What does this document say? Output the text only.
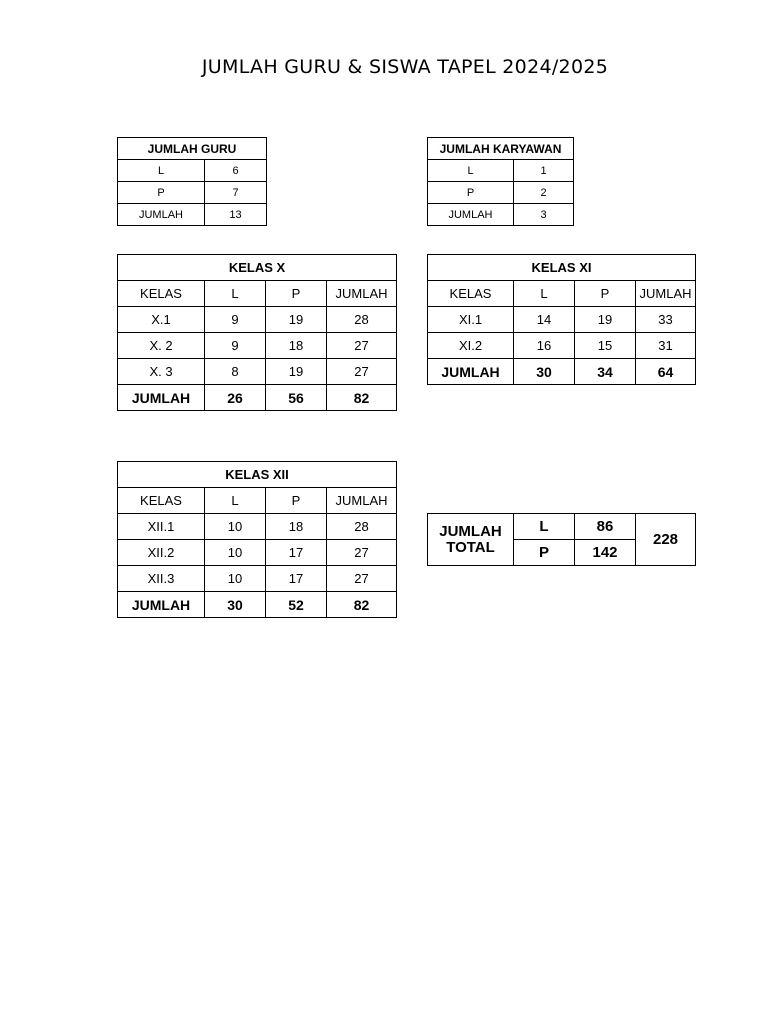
JUMLAH GURU & SISWA TAPEL 2024/2025
JUMLAH GURU	
L	6
P	7
JUMLAH	13
JUMLAH KARYAWAN	
L	1
P	2
JUMLAH	3
KELAS X			
KELAS	L	P	JUMLAH
X.1	9	19	28
X. 2	9	18	27
X. 3	8	19	27
JUMLAH	26	56	82
KELAS XI			
KELAS	L	P	JUMLAH
XI.1	14	19	33
XI.2	16	15	31
JUMLAH	30	34	64
KELAS XII			
KELAS	L	P	JUMLAH
XII.1	10	18	28
XII.2	10	17	27
XII.3	10	17	27
JUMLAH	30	52	82
JUMLAH
TOTAL	L	86	228
	P	142	
